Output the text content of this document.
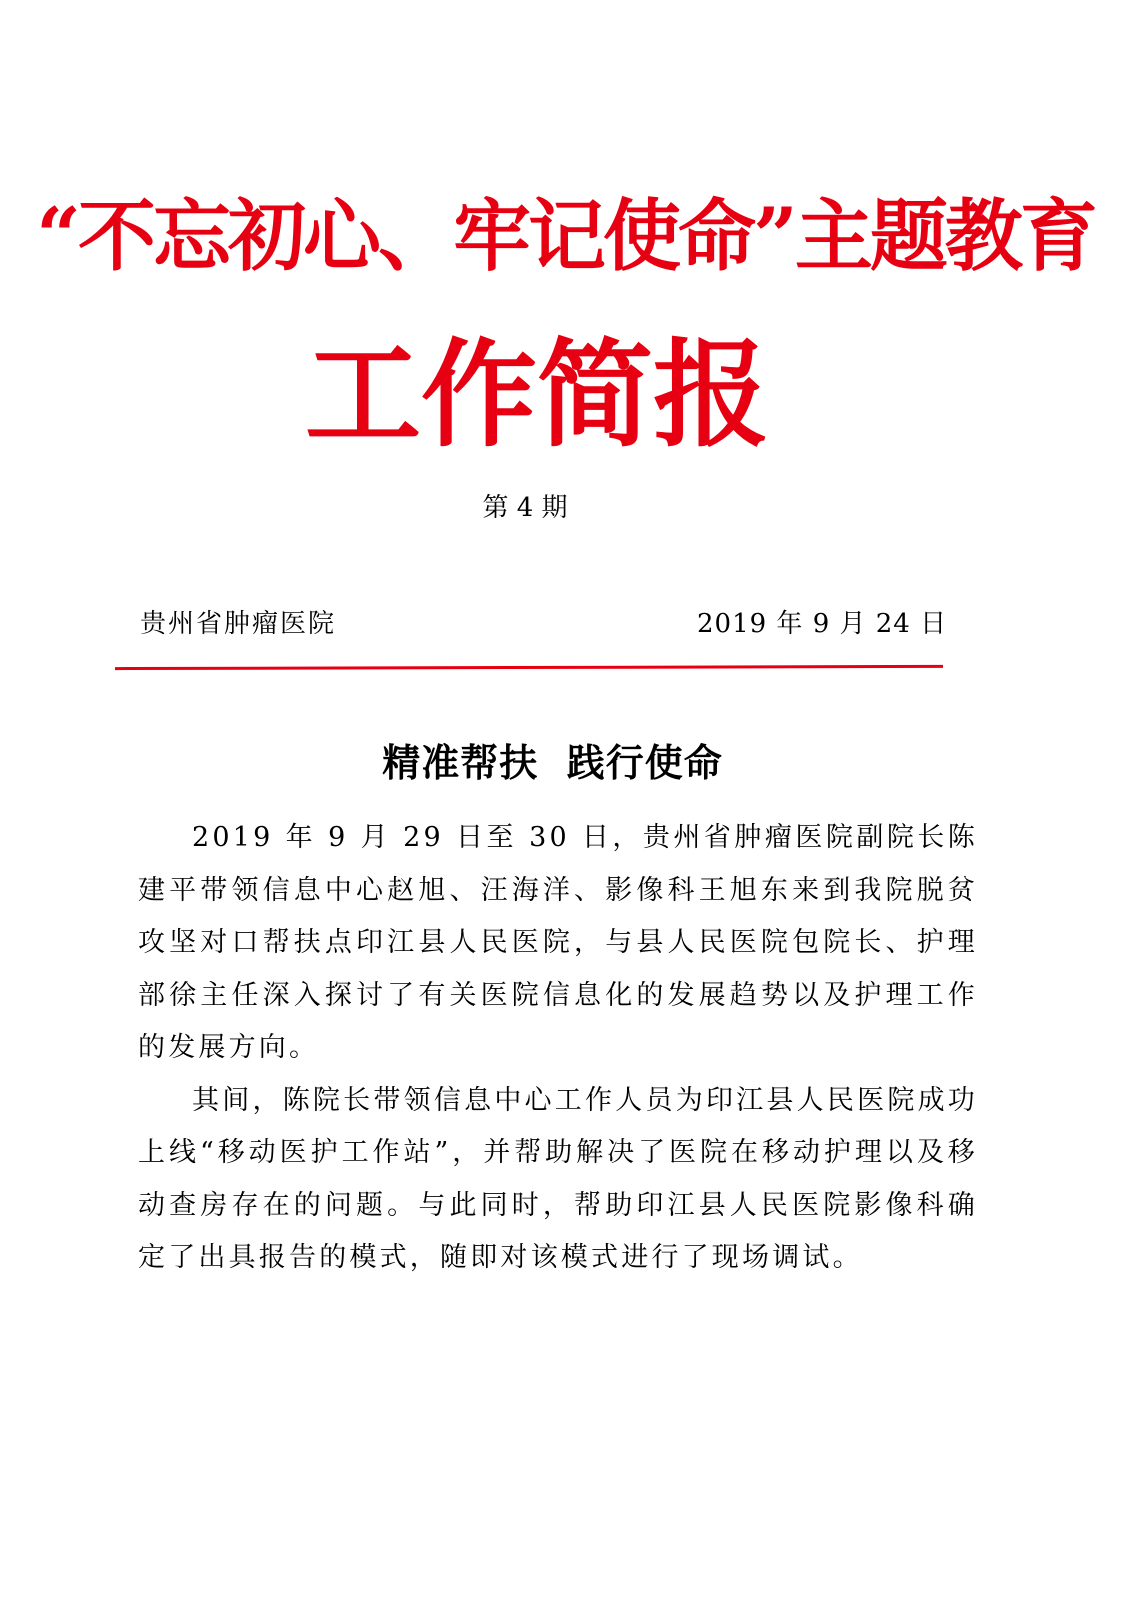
“不忘初心、牢记使命”主题教育
工作简报
第 4 期
贵州省肿瘤医院	2019 年 9 月 24 日
精准帮扶  践行使命

2019 年 9 月 29 日至 30 日，贵州省肿瘤医院副院长陈建平带领信息中心赵旭、汪海洋、影像科王旭东来到我院脱贫攻坚对口帮扶点印江县人民医院，与县人民医院包院长、护理部徐主任深入探讨了有关医院信息化的发展趋势以及护理工作的发展方向。

其间，陈院长带领信息中心工作人员为印江县人民医院成功上线“移动医护工作站”，并帮助解决了医院在移动护理以及移动查房存在的问题。与此同时，帮助印江县人民医院影像科确定了出具报告的模式，随即对该模式进行了现场调试。
